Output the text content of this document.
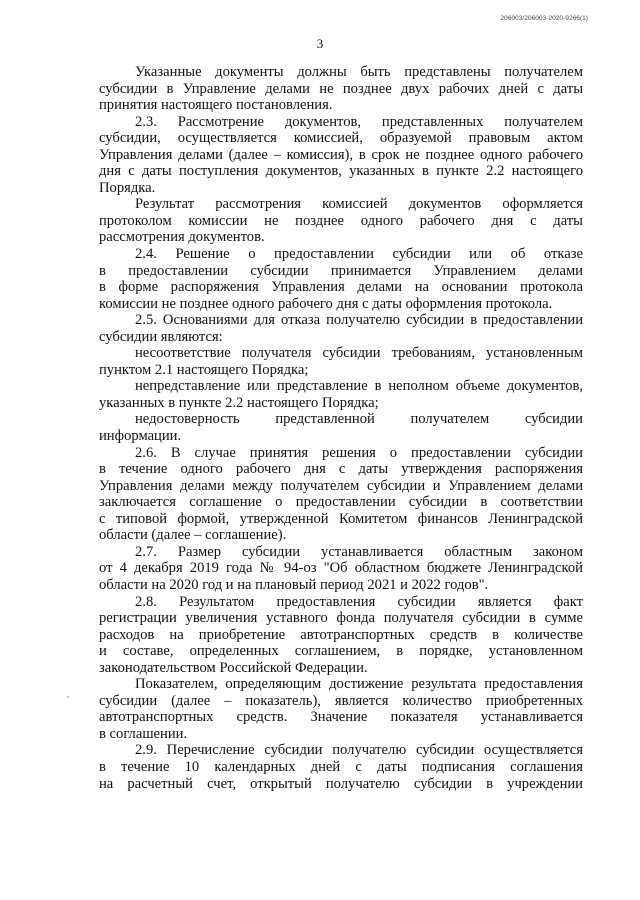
206003/206003-2020-9266(1)
3
Указанные документы должны быть представлены получателем
субсидии в Управление делами не позднее двух рабочих дней с даты
принятия настоящего постановления.
2.3. Рассмотрение документов, представленных получателем
субсидии, осуществляется комиссией, образуемой правовым актом
Управления делами (далее – комиссия), в срок не позднее одного рабочего
дня с даты поступления документов, указанных в пункте 2.2 настоящего
Порядка.
Результат рассмотрения комиссией документов оформляется
протоколом комиссии не позднее одного рабочего дня с даты
рассмотрения документов.
2.4. Решение о предоставлении субсидии или об отказе
в предоставлении субсидии принимается Управлением делами
в форме распоряжения Управления делами на основании протокола
комиссии не позднее одного рабочего дня с даты оформления протокола.
2.5. Основаниями для отказа получателю субсидии в предоставлении
субсидии являются:
несоответствие получателя субсидии требованиям, установленным
пунктом 2.1 настоящего Порядка;
непредставление или представление в неполном объеме документов,
указанных в пункте 2.2 настоящего Порядка;
недостоверность представленной получателем субсидии
информации.
2.6. В случае принятия решения о предоставлении субсидии
в течение одного рабочего дня с даты утверждения распоряжения
Управления делами между получателем субсидии и Управлением делами
заключается соглашение о предоставлении субсидии в соответствии
с типовой формой, утвержденной Комитетом финансов Ленинградской
области (далее – соглашение).
2.7. Размер субсидии устанавливается областным законом
от 4 декабря 2019 года № 94-оз "Об областном бюджете Ленинградской
области на 2020 год и на плановый период 2021 и 2022 годов".
2.8. Результатом предоставления субсидии является факт
регистрации увеличения уставного фонда получателя субсидии в сумме
расходов на приобретение автотранспортных средств в количестве
и составе, определенных соглашением, в порядке, установленном
законодательством Российской Федерации.
Показателем, определяющим достижение результата предоставления
субсидии (далее – показатель), является количество приобретенных
автотранспортных средств. Значение показателя устанавливается
в соглашении.
2.9. Перечисление субсидии получателю субсидии осуществляется
в течение 10 календарных дней с даты подписания соглашения
на расчетный счет, открытый получателю субсидии в учреждении
